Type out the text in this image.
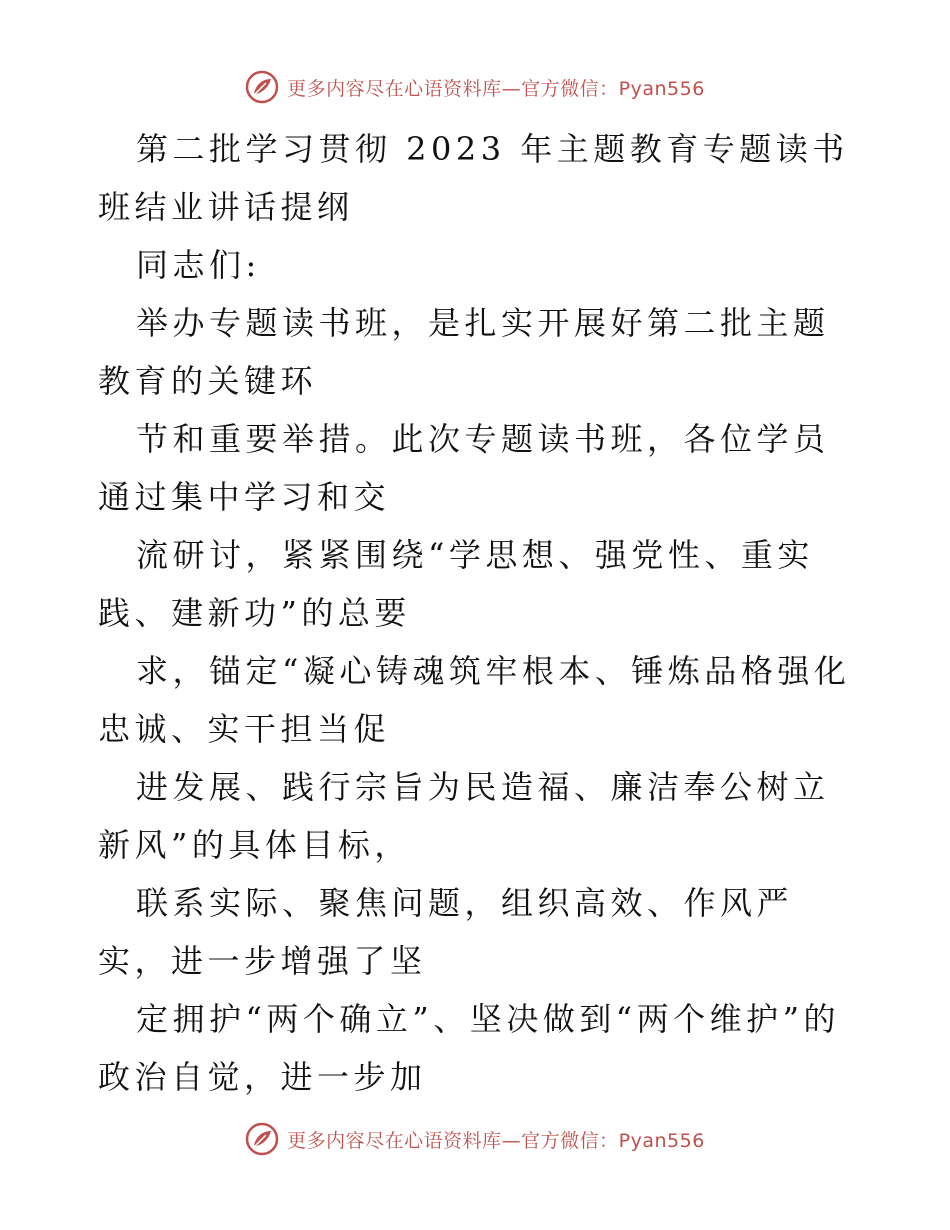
更多内容尽在心语资料库—官方微信：Pyan556

第二批学习贯彻 2023 年主题教育专题读书班结业讲话提纲

同志们:

举办专题读书班，是扎实开展好第二批主题教育的关键环

节和重要举措。此次专题读书班，各位学员通过集中学习和交

流研讨，紧紧围绕“学思想、强党性、重实践、建新功”的总要

求，锚定“凝心铸魂筑牢根本、锤炼品格强化忠诚、实干担当促

进发展、践行宗旨为民造福、廉洁奉公树立新风”的具体目标，

联系实际、聚焦问题，组织高效、作风严实，进一步增强了坚

定拥护“两个确立”、坚决做到“两个维护”的政治自觉，进一步加

更多内容尽在心语资料库—官方微信：Pyan556
